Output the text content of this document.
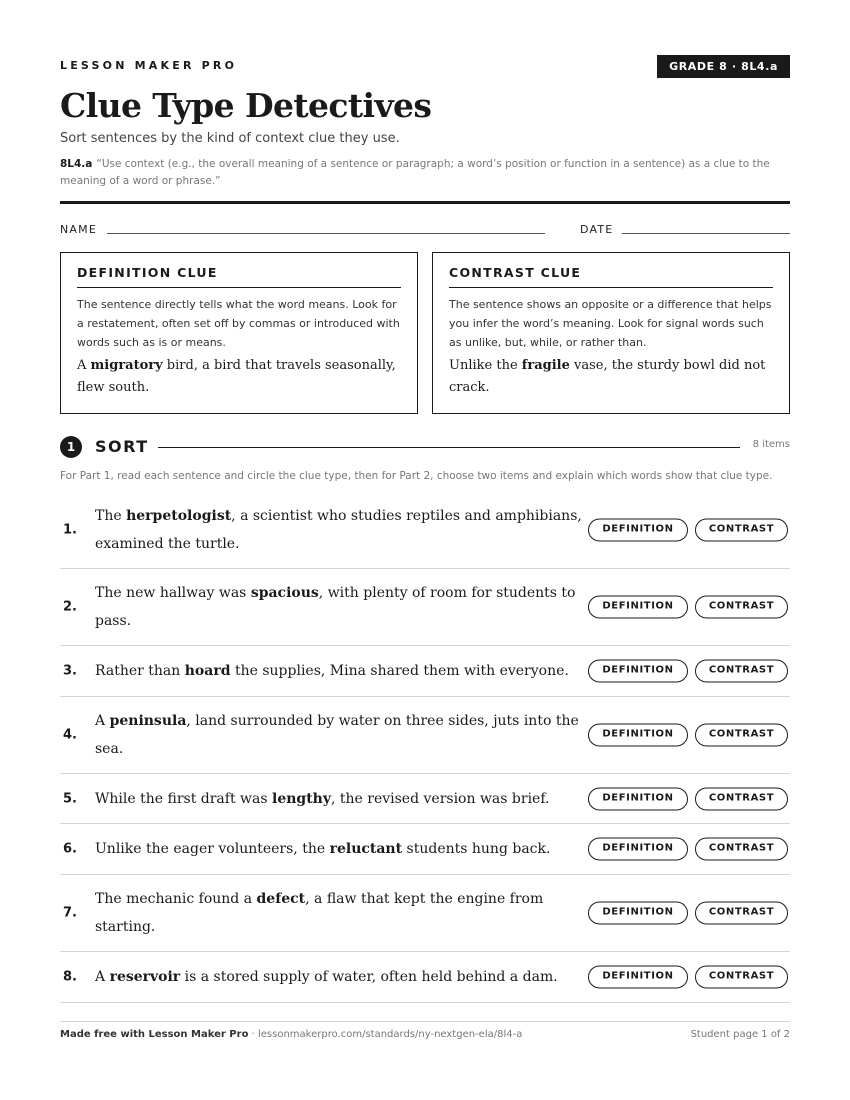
LESSON MAKER PRO	GRADE 8 · 8L4.a
Clue Type Detectives
Sort sentences by the kind of context clue they use.
8L4.a “Use context (e.g., the overall meaning of a sentence or paragraph; a word’s position or function in a sentence) as a clue to the meaning of a word or phrase.”
NAME	DATE
DEFINITION CLUE

The sentence directly tells what the word means. Look for a restatement, often set off by commas or introduced with words such as is or means.

A migratory bird, a bird that travels seasonally, flew south.

CONTRAST CLUE

The sentence shows an opposite or a difference that helps you infer the word’s meaning. Look for signal words such as unlike, but, while, or rather than.

Unlike the fragile vase, the sturdy bowl did not crack.

1	SORT	8 items
For Part 1, read each sentence and circle the clue type, then for Part 2, choose two items and explain which words show that clue type.
1.
The herpetologist, a scientist who studies reptiles and amphibians, examined the turtle.
DEFINITION	CONTRAST
2.
The new hallway was spacious, with plenty of room for students to pass.
DEFINITION	CONTRAST
3. Rather than hoard the supplies, Mina shared them with everyone.	DEFINITION	CONTRAST
4.
A peninsula, land surrounded by water on three sides, juts into the sea.
DEFINITION	CONTRAST
5. While the first draft was lengthy, the revised version was brief.	DEFINITION	CONTRAST
6. Unlike the eager volunteers, the reluctant students hung back.	DEFINITION	CONTRAST
7.
The mechanic found a defect, a flaw that kept the engine from starting.
DEFINITION	CONTRAST
8. A reservoir is a stored supply of water, often held behind a dam.	DEFINITION	CONTRAST
Made free with Lesson Maker Pro · lessonmakerpro.com/standards/ny-nextgen-ela/8l4-a	Student page 1 of 2
